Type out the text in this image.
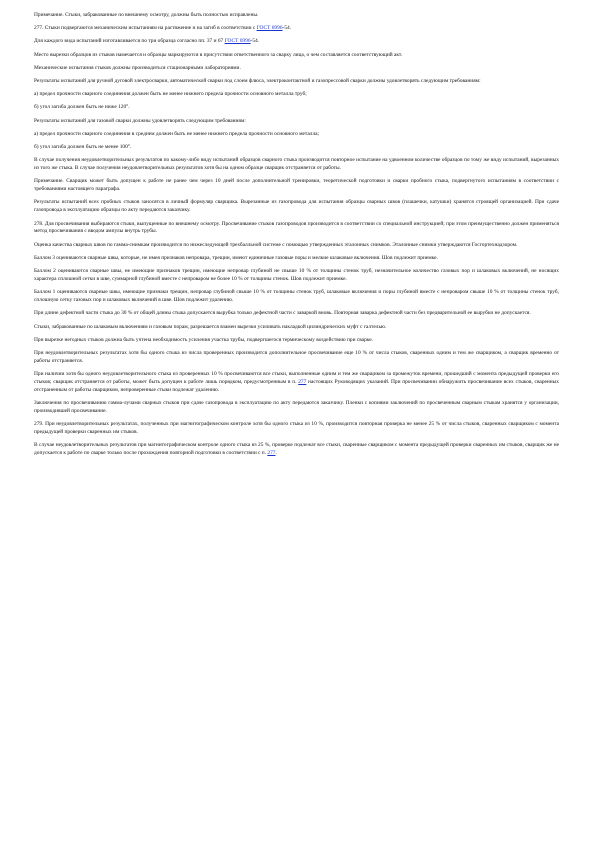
Примечание. Стыки, забракованные по внешнему осмотру, должны быть полностью исправлены.

277. Стыки подвергаются механическим испытаниям на растяжение и на загиб в соответствии с ГОСТ 6996-54.

Для каждого вида испытаний изготавливается по три образца согласно пп. 37 и 67 ГОСТ 6996-54.

Место вырезки образцов из стыков намечается и образцы маркируются в присутствии ответственного за сварку лица, о чем составляется соответствующий акт.

Механические испытания стыков должны производиться стационарными лабораториями.

Результаты испытаний для ручной дуговой электросварки, автоматической сварки под слоем флюса, электроконтактной и газопрессовой сварки должны удовлетворять следующим требованиям:

а) предел прочности сварного соединения должен быть не менее нижнего предела прочности основного металла труб;

б) угол загиба должен быть не ниже 120°.

Результаты испытаний для газовой сварки должны удовлетворять следующим требованиям:

а) предел прочности сварного соединения в среднем должен быть не менее нижнего предела прочности основного металла;

б) угол загиба должен быть не менее 100°.

В случае получения неудовлетворительных результатов по какому-либо виду испытаний образцов сварного стыка производится повторное испытание на удвоенном количестве образцов по тому же виду испытаний, вырезанных из того же стыка. В случае получения неудовлетворительных результатов хотя бы на одном образце сварщик отстраняется от работы.

Примечание. Сварщик может быть допущен к работе не ранее чем через 10 дней после дополнительной тренировки, теоретической подготовки и сварки пробного стыка, подвергнутого испытаниям в соответствии с требованиями настоящего параграфа.

Результаты испытаний всех пробных стыков заносятся в личный формуляр сварщика. Вырезанные из газопровода для испытания образцы сварных швов (плашечки, катушки) хранятся строящей организацией. При сдаче газопровода в эксплуатацию образцы по акту передаются заказчику.

278. Для просвечивания выбираются стыки, выпущенные по внешнему осмотру. Просвечивание стыков газопроводов производится в соответствии со специальной инструкцией; при этом преимущественно должен применяться метод просвечивания с вводом ампулы внутрь трубы.

Оценка качества сварных швов по гамма-снимкам производится по нижеследующей трехбалльной системе с помощью утвержденных эталонных снимков. Эталонные снимки утверждаются Госгортехнадзором.

Баллом 3 оцениваются сварные швы, которые, не имея признаков непровара, трещин, имеют единичные газовые поры и мелкие шлаковые включения. Шов подлежит приемке.

Баллом 2 оцениваются сварные швы, не имеющие признаков трещин, имеющие непровар глубиной не свыше 10 % от толщины стенок труб, незначительное количество газовых пор и шлаковых включений, не носящих характера сплошной сетки в шве, суммарной глубиной вместе с непроваром не более 10 % от толщины стенок. Шов подлежит приемке.

Баллом 1 оцениваются сварные швы, имеющие признаки трещин, непровар глубиной свыше 10 % от толщины стенок труб, шлаковые включения и поры глубиной вместе с непроваром свыше 10 % от толщины стенок труб, сплошную сетку газовых пор и шлаковых включений в шве. Шов подлежит удалению.

При длине дефектной части стыка до 30 % от общей длины стыка допускается вырубка только дефектной части с заваркой вновь. Повторная заварка дефектной части без предварительной ее вырубки не допускается.

Стыки, забракованные по шлаковым включениям и газовым порам, разрешается взамен вырезки усиливать накладкой цилиндрических муфт с галтелью.

При вырезке негодных стыков должна быть учтена необходимость усиления участка трубы, подвергшегося термическому воздействию при сварке.

При неудовлетворительных результатах хотя бы одного стыка из числа проверенных производится дополнительное просвечивание еще 10 % от числа стыков, сваренных одним и тем же сварщиком, а сварщик временно от работы отстраняется.

При наличии хотя бы одного неудовлетворительного стыка из проверенных 10 % просвечиваются все стыки, выполненные одним и тем же сварщиком за промежуток времени, прошедший с момента предыдущей проверки его стыков; сварщик отстраняется от работы, может быть допущен к работе лишь порядком, предусмотренным в п. 277 настоящих Руководящих указаний. При просвечивании обнаружить просвечивание всех стыков, сваренных отстраненным от работы сварщиком, непроверенные стыки подлежат удалению.

Заключения по просвечиванию гамма-лучами сварных стыков при сдаче газопровода в эксплуатацию по акту передаются заказчику. Пленки с копиями заключений по просвеченным сварным стыкам хранятся у организации, производившей просвечивание.

279. При неудовлетворительных результатах, полученных при магнитографическом контроле хотя бы одного стыка из 10 %, производится повторная проверка не менее 25 % от числа стыков, сваренных сварщиком с момента предыдущей проверки сваренных им стыков.

В случае неудовлетворительных результатов при магнитографическом контроле одного стыка из 25 %, проверке подлежат все стыки, сваренные сварщиком с момента предыдущей проверки сваренных им стыков, сварщик же не допускается к работе по сварке только после прохождения повторной подготовки в соответствии с п. 277.
